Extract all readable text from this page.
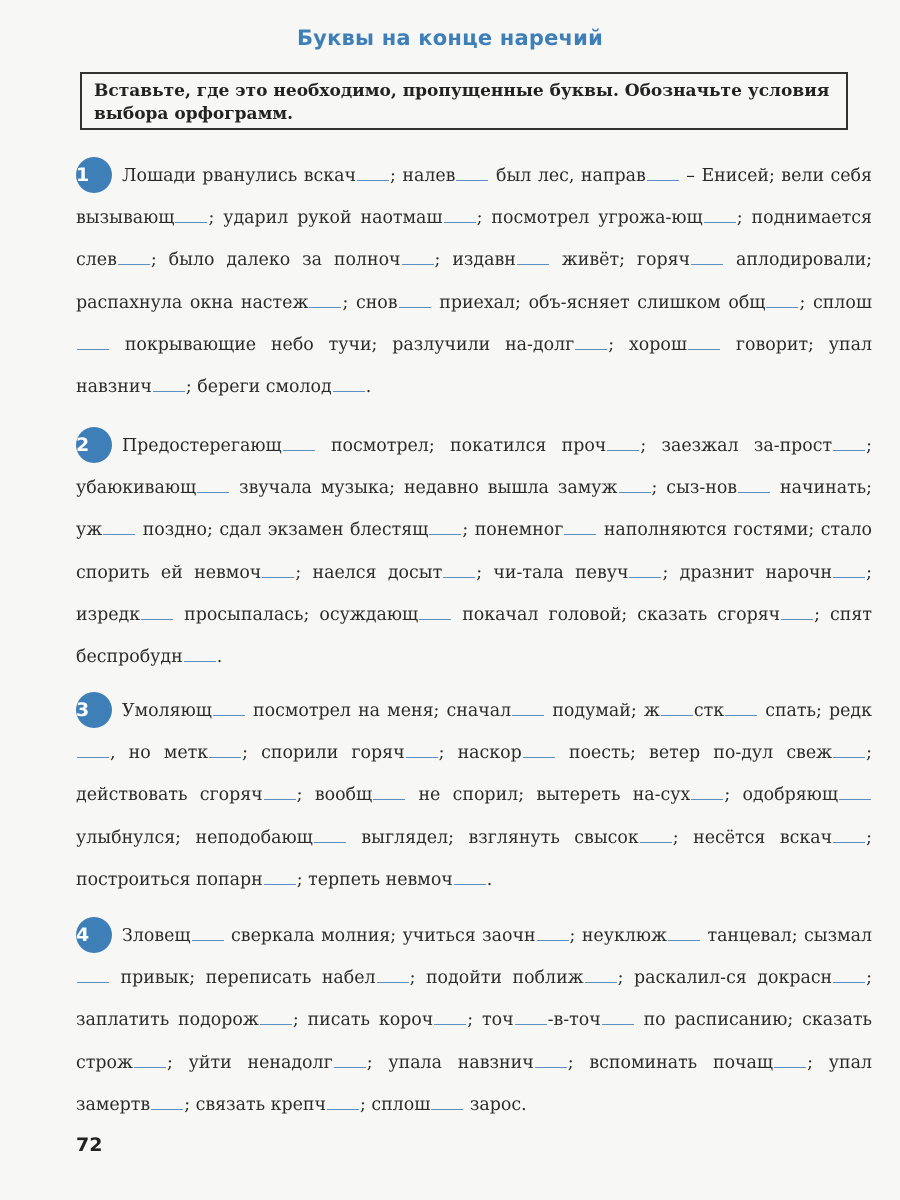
Буквы на конце наречий
Вставьте, где это необходимо, пропущенные буквы. Обозначьте условия выбора орфограмм.
1 Лошади рванулись вскач ; налев был лес, направ – Енисей; вели себя вызывающ ; ударил рукой наотмаш ; посмотрел угрожа-ющ ; поднимается слев ; было далеко за полноч ; издавн живёт; горяч аплодировали; распахнула окна настеж ; снов приехал; объ-ясняет слишком общ ; сплош покрывающие небо тучи; разлучили на-долг ; хорош говорит; упал навзнич ; береги смолод .
2 Предостерегающ посмотрел; покатился проч ; заезжал за-прост ; убаюкивающ звучала музыка; недавно вышла замуж ; сыз-нов начинать; уж поздно; сдал экзамен блестящ ; понемног наполняются гостями; стало спорить ей невмоч ; наелся досыт ; чи-тала певуч ; дразнит нарочн ; изредк просыпалась; осуждающ покачал головой; сказать сгоряч ; спят беспробудн .
3 Умоляющ посмотрел на меня; сначал подумай; ж стк спать; редк, но метк ; спорили горяч ; наскор поесть; ветер по-дул свеж ; действовать сгоряч ; вообщ не спорил; вытереть на-сух ; одобряющ улыбнулся; неподобающ выглядел; взглянуть свысок ; несётся вскач ; построиться попарн ; терпеть невмоч .
4 Зловещ сверкала молния; учиться заочн ; неуклюж танцевал; сызмал привык; переписать набел ; подойти поближ ; раскалил-ся докрасн ; заплатить подорож ; писать короч ; точ -в-точ по расписанию; сказать строж ; уйти ненадолг ; упала навзнич ; вспоминать почащ ; упал замертв ; связать крепч ; сплош зарос.
72
